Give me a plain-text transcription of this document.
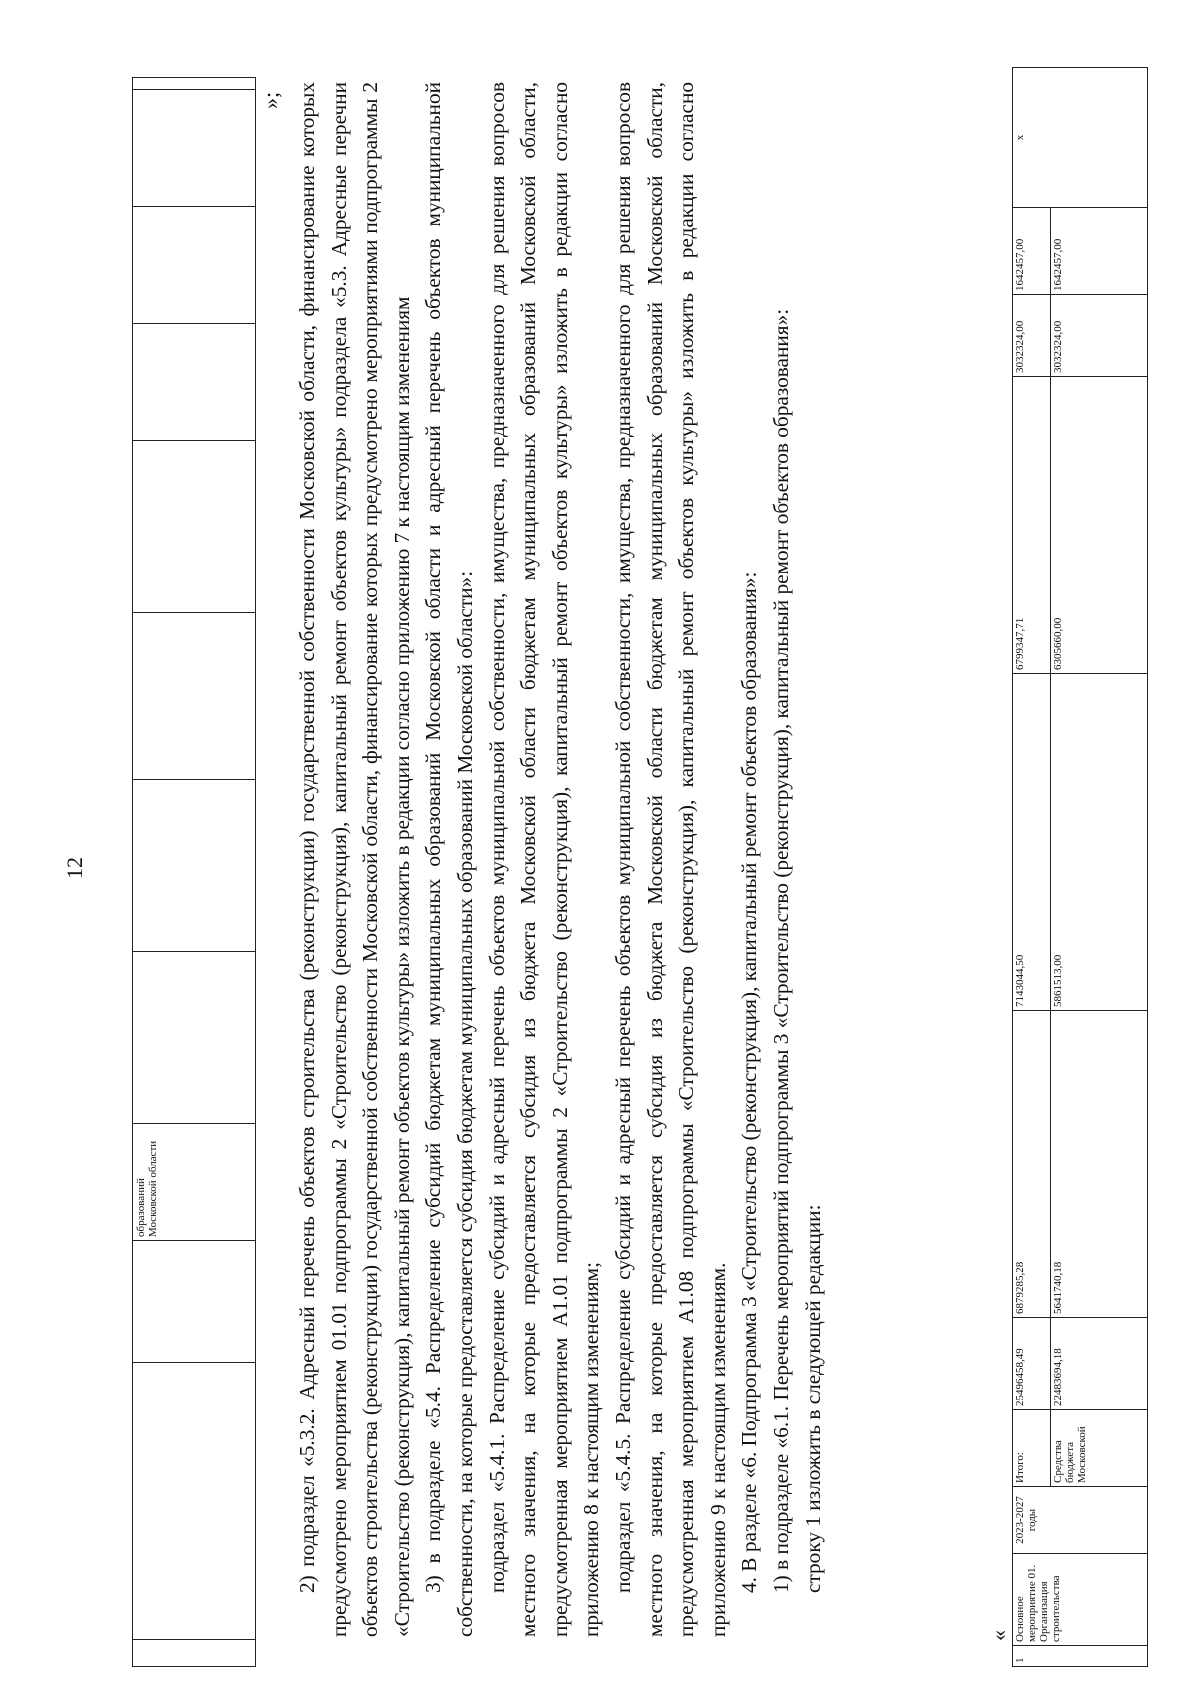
12
			образований Московской области								
»; 2) подраздел «5.3.2. Адресный перечень объектов строительства (реконструкции) государственной собственности Московской области, финансирование которых предусмотрено мероприятием 01.01 подпрограммы 2 «Строительство (реконструкция), капитальный ремонт объектов культуры» подраздела «5.3. Адресные перечни объектов строительства (реконструкции) государственной собственности Московской области, финансирование которых предусмотрено мероприятиями подпрограммы 2 «Строительство (реконструкция), капитальный ремонт объектов культуры» изложить в редакции согласно приложению 7 к настоящим изменениям 3) в подразделе «5.4. Распределение субсидий бюджетам муниципальных образований Московской области и адресный перечень объектов муниципальной собственности, на которые предоставляется субсидия бюджетам муниципальных образований Московской области»: подраздел «5.4.1. Распределение субсидий и адресный перечень объектов муниципальной собственности, имущества, предназначенного для решения вопросов местного значения, на которые предоставляется субсидия из бюджета Московской области бюджетам муниципальных образований Московской области, предусмотренная мероприятием А1.01 подпрограммы 2 «Строительство (реконструкция), капитальный ремонт объектов культуры» изложить в редакции согласно приложению 8 к настоящим изменениям; подраздел «5.4.5. Распределение субсидий и адресный перечень объектов муниципальной собственности, имущества, предназначенного для решения вопросов местного значения, на которые предоставляется субсидия из бюджета Московской области бюджетам муниципальных образований Московской области, предусмотренная мероприятием А1.08 подпрограммы «Строительство (реконструкция), капитальный ремонт объектов культуры» изложить в редакции согласно приложению 9 к настоящим изменениям. 4. В разделе «6. Подпрограмма 3 «Строительство (реконструкция), капитальный ремонт объектов образования»: 1) в подразделе «6.1. Перечень мероприятий подпрограммы 3 «Строительство (реконструкция), капитальный ремонт объектов образования»: строку 1 изложить в следующей редакции:

«
1	Основное мероприятие 01. Организация строительства	2023-2027 годы	Итого:	25496458,49	6879285,28	7143044,50	6799347,71	3032324,00	1642457,00	х
			Средства бюджета Московской	22483694,18	5641740,18	5861513,00	6305660,00	3032324,00	1642457,00	
